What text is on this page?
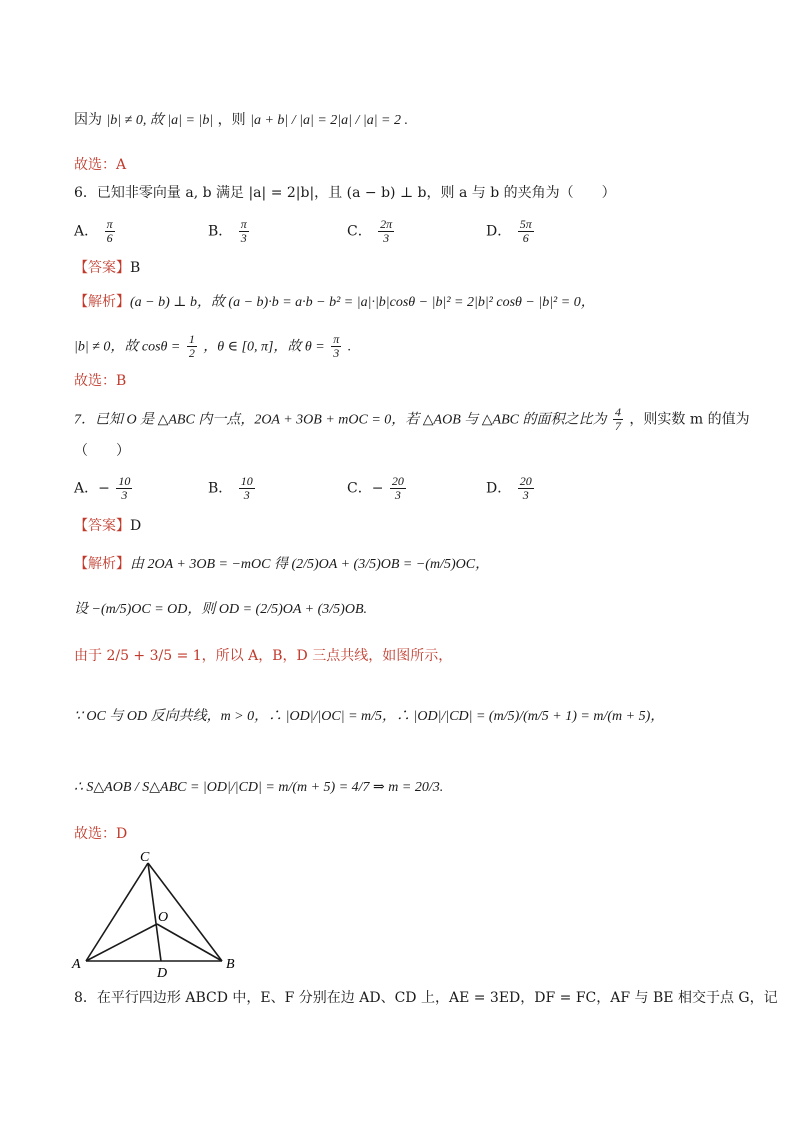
因为 |b| ≠ 0, 故 |a| = |b| ，则 |a + b| / |a| = 2|a| / |a| = 2 .
故选：A
6．已知非零向量 a, b 满足 |a| = 2|b|，且 (a − b) ⊥ b，则 a 与 b 的夹角为（　　）
A． $\frac{\pi}{6}$	B． $\frac{\pi}{3}$	C． $\frac{2\pi}{3}$	D． $\frac{5\pi}{6}$
【答案】B
【解析】(a − b) ⊥ b，故 (a − b)·b = a·b − b² = |a|·|b|cosθ − |b|² = 2|b|² cosθ − |b|² = 0，
|b| ≠ 0，故 $\cos\theta = \frac{1}{2}$ ，θ ∈ [0, π]，故 $\theta = \frac{\pi}{3}$ .
故选：B
7．已知 O 是 △ABC 内一点，2OA + 3OB + mOC = 0，若 △AOB 与 △ABC 的面积之比为 $\frac{4}{7}$ ，则实数 m 的值为
（　　）
A．− $\frac{10}{3}$	B． $\frac{10}{3}$	C．− $\frac{20}{3}$	D． $\frac{20}{3}$
【答案】D
【解析】由 2OA + 3OB = −mOC 得 (2/5)OA + (3/5)OB = −(m/5)OC，
设 −(m/5)OC = OD，则 OD = (2/5)OA + (3/5)OB.
由于 2/5 + 3/5 = 1，所以 A，B，D 三点共线，如图所示，
∵ OC 与 OD 反向共线，m > 0，∴ |OD|/|OC| = m/5，∴ |OD|/|CD| = (m/5)/(m/5 + 1) = m/(m + 5)，
∴ S△AOB / S△ABC = |OD|/|CD| = m/(m + 5) = 4/7 ⇒ m = 20/3.
故选：D
C
O
A
D
B
8．在平行四边形 ABCD 中，E、F 分别在边 AD、CD 上，AE = 3ED，DF = FC，AF 与 BE 相交于点 G，记
